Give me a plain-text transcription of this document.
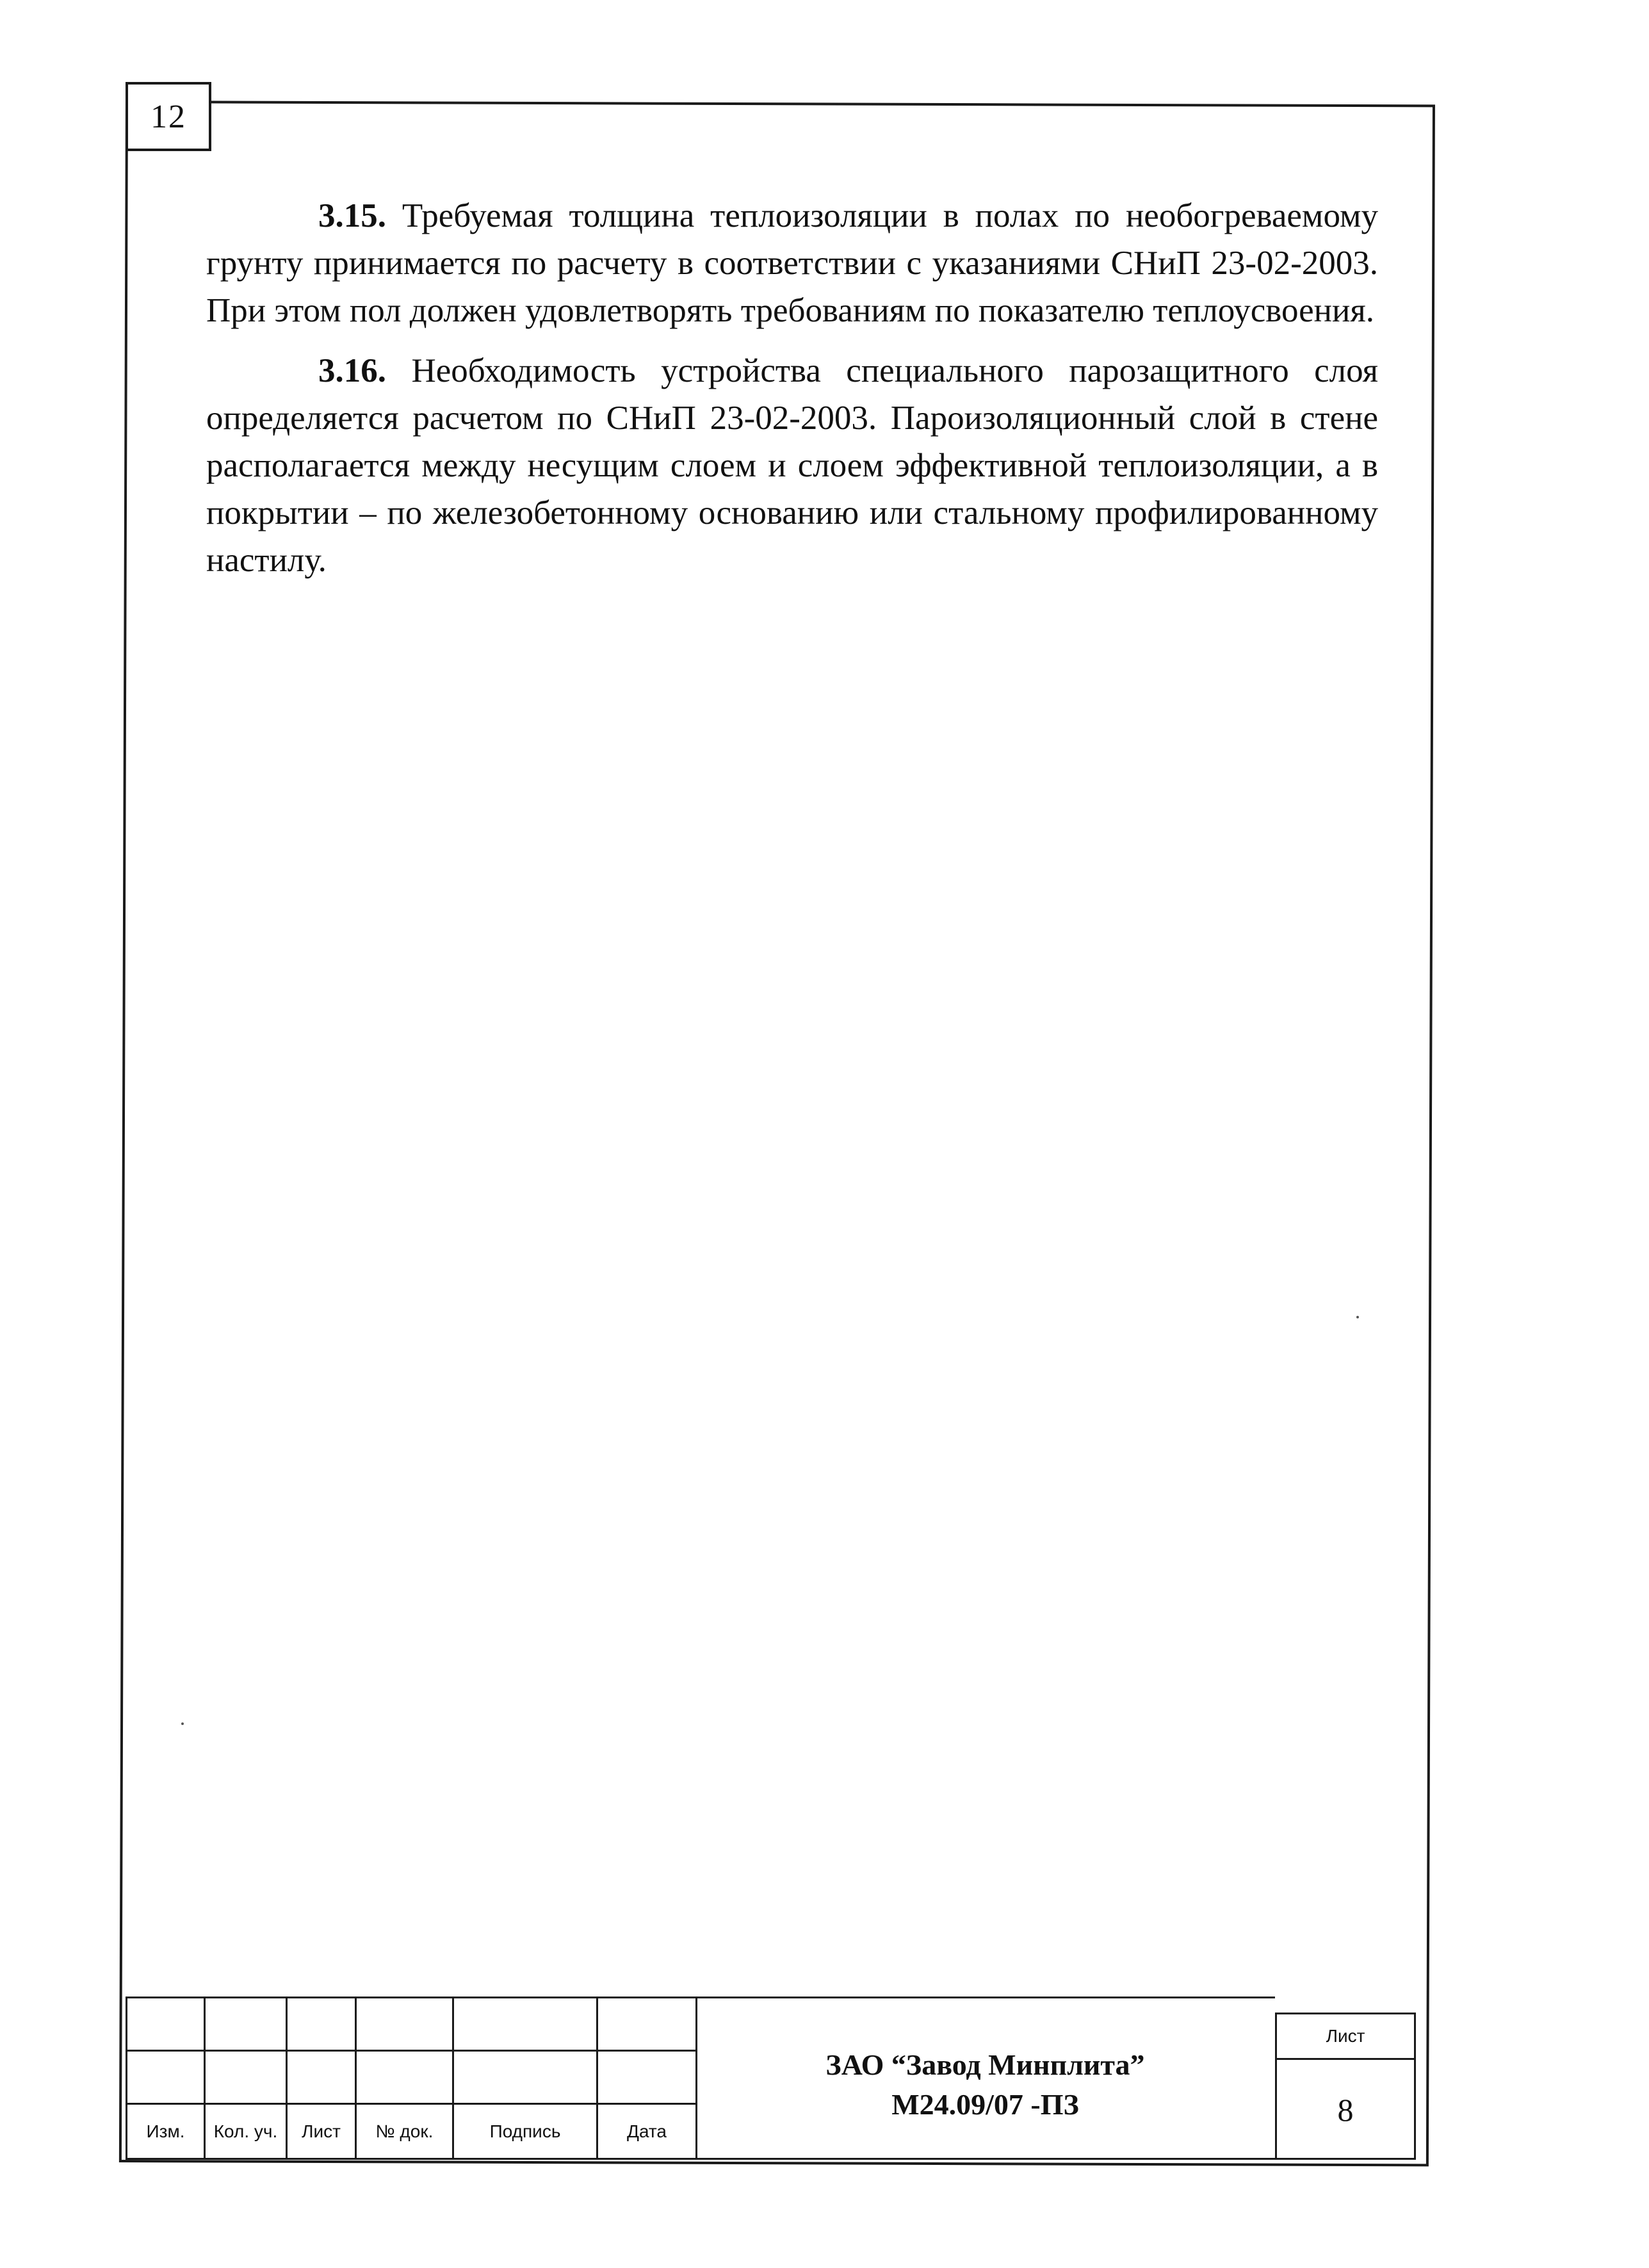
12

3.15. Требуемая толщина теплоизоляции в полах по необогреваемому грунту принимается по расчету в соответствии с указаниями СНиП 23-02-2003. При этом пол должен удовлетворять требованиям по показателю теплоусвоения.

3.16. Необходимость устройства специального парозащитного слоя определяется расчетом по СНиП 23-02-2003. Пароизоляционный слой в стене располагается между несущим слоем и слоем эффективной теплоизоляции, а в покрытии – по железобетонному основанию или стальному профилированному настилу.

Изм.	Кол. уч.	Лист	№ док.	Подпись	Дата
ЗАО “Завод Минплита”
М24.09/07 -ПЗ
Лист
8
